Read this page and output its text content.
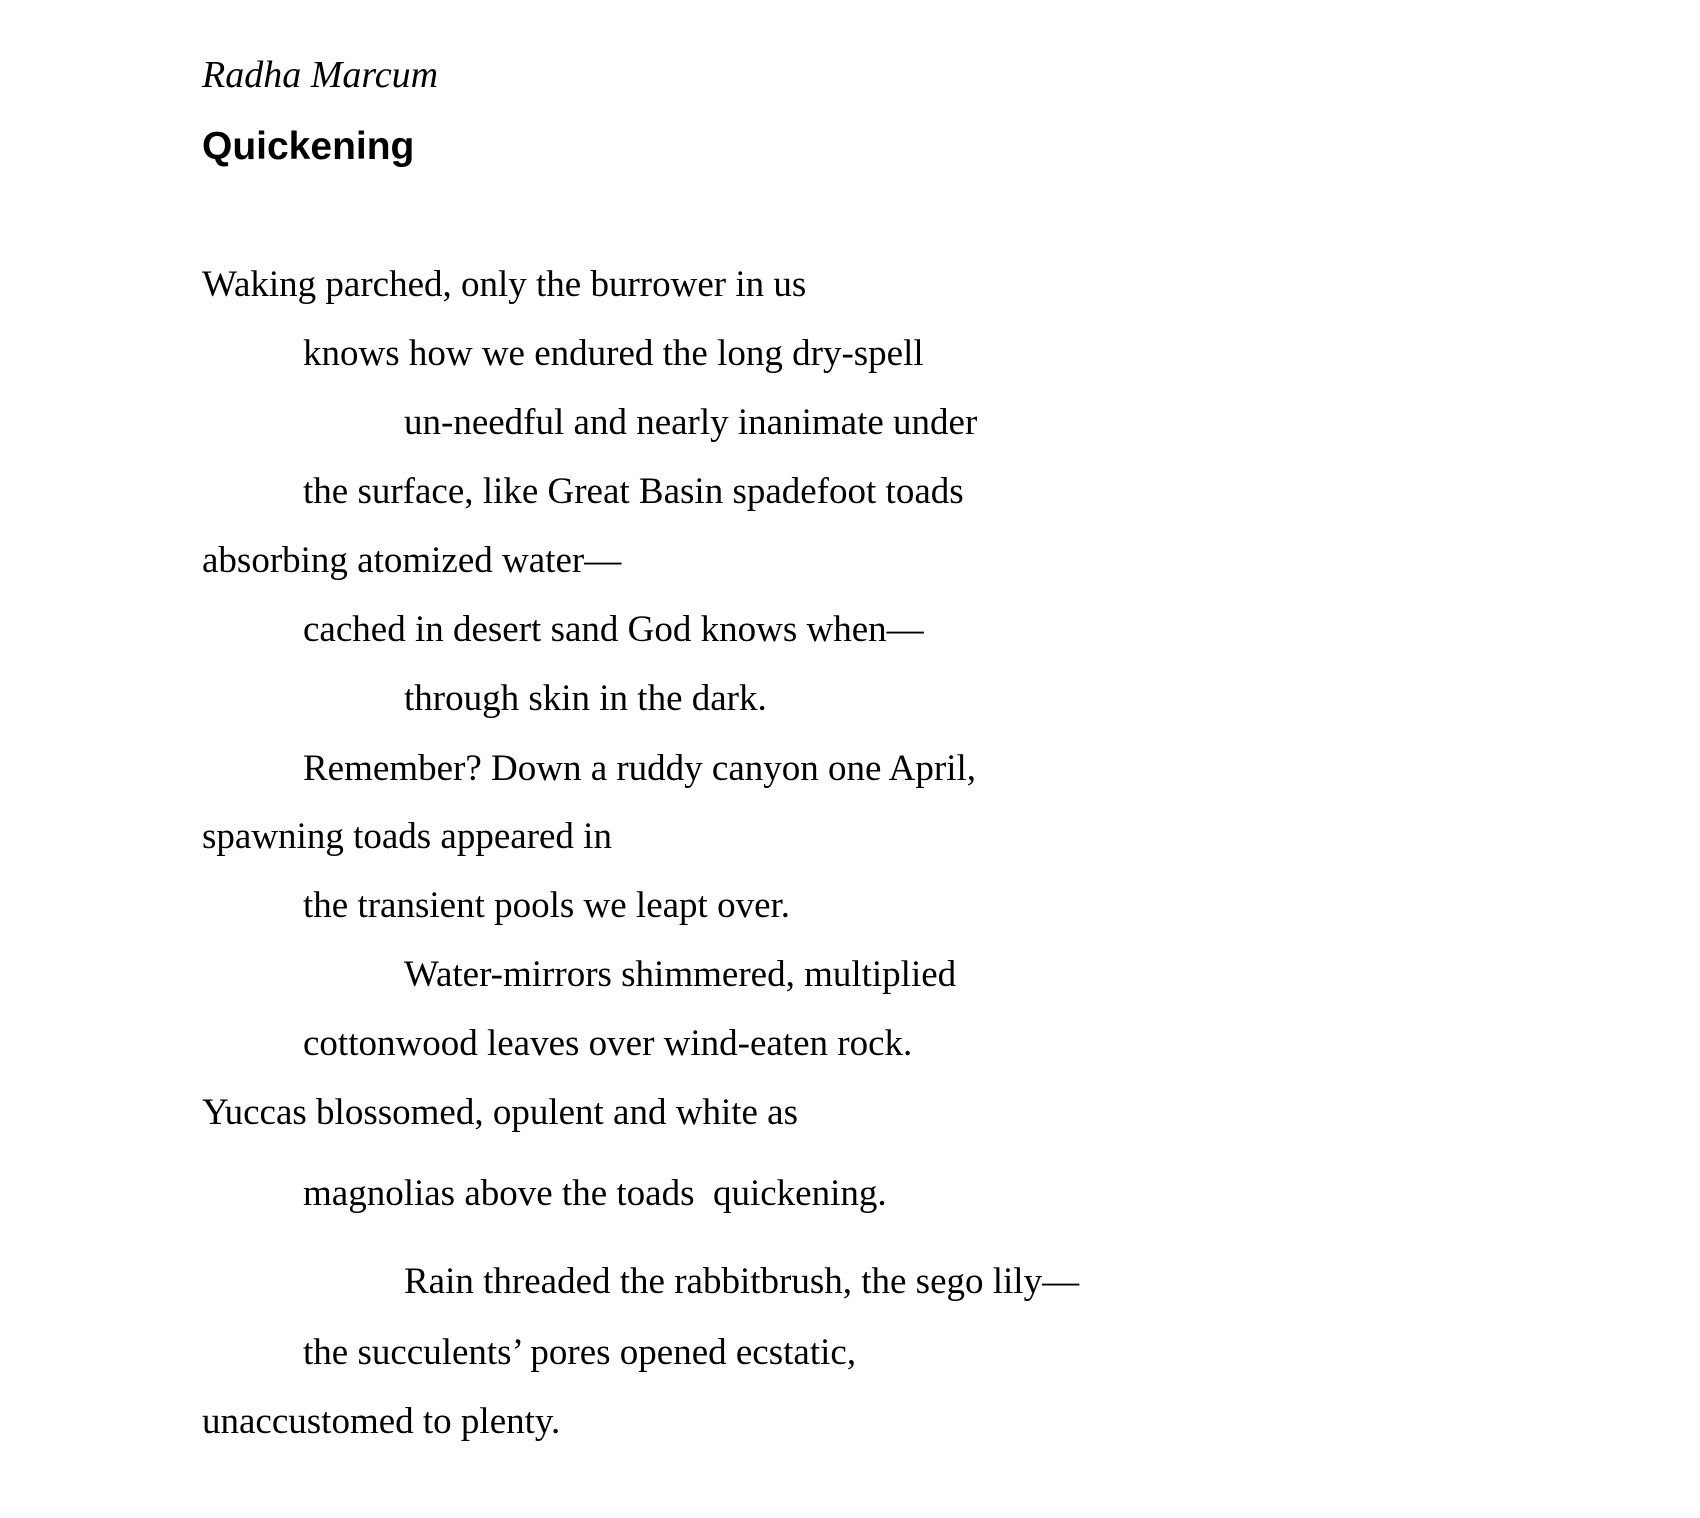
Radha Marcum
Quickening
Waking parched, only the burrower in us
knows how we endured the long dry-spell
un-needful and nearly inanimate under
the surface, like Great Basin spadefoot toads
absorbing atomized water—
cached in desert sand God knows when—
through skin in the dark.
Remember? Down a ruddy canyon one April,
spawning toads appeared in
the transient pools we leapt over.
Water-mirrors shimmered, multiplied
cottonwood leaves over wind-eaten rock.
Yuccas blossomed, opulent and white as
magnolias above the toads  quickening.
Rain threaded the rabbitbrush, the sego lily—
the succulents’ pores opened ecstatic,
unaccustomed to plenty.
